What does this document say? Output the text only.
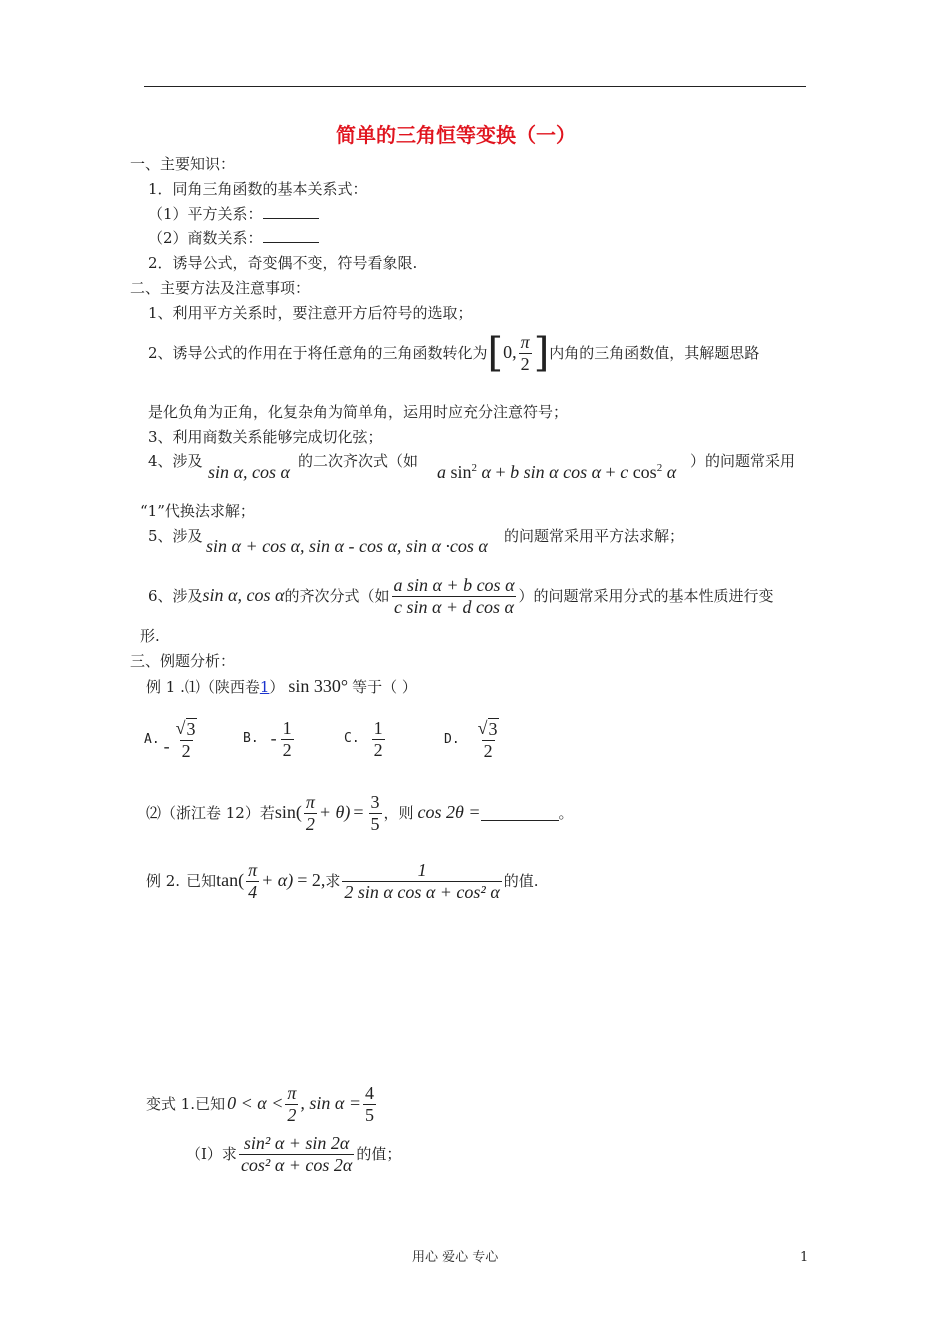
简单的三角恒等变换（一）
一、主要知识：
1．同角三角函数的基本关系式：
（1）平方关系：
（2）商数关系：
2．诱导公式，奇变偶不变，符号看象限.
二、主要方法及注意事项：
1、利用平方关系时，要注意开方后符号的选取；
2、诱导公式的作用在于将任意角的三角函数转化为 [ 0, $\frac{\pi}{2}$ ] 内角的三角函数值，其解题思路
是化负角为正角，化复杂角为简单角，运用时应充分注意符号；
3、利用商数关系能够完成切化弦；
4、涉及
sin α, cos α
的二次齐次式（如
a $\sin^2 \alpha + b$ sin α cos α + c $\cos^2 \alpha$
）的问题常采用
“1”代换法求解；
5、涉及 sin α + cos α, sin α - cos α, sin α ·cos α 的问题常采用平方法求解；
6、涉及 sin α, cos α 的齐次分式（如 $\frac{\text{a sin α + b cos α}}{\text{c sin α + d cos α}}$ ）的问题常采用分式的基本性质进行变
形.
三、例题分析：
例 1 .⑴（陕西卷 1 ） sin 330° 等于（ ）
A. - $\frac{√ 3}{2}$	B. - $\frac{1}{2}$	C. $\frac{1}{2}$	D. $\frac{√ 3}{2}$
⑵（浙江卷 12）若 $\sin( \frac{\pi}{2} + \theta) = \frac{3}{5}$ ，则 cos 2θ =	。
例 2. 已知 $\tan( \frac{\pi}{4} + \alpha) = 2$, 求 $\frac{1}{\text{2 sin α cos α + cos² α}}$ 的值.
变式 1. 已知 $0 < \alpha < \frac{\pi}{2}$ , $\sin \alpha = \frac{4}{5}$
（Ⅰ）求 $\frac{\text{sin² α + sin 2α}}{\text{cos² α + cos 2α}}$ 的值；
用心 爱心 专心	1
